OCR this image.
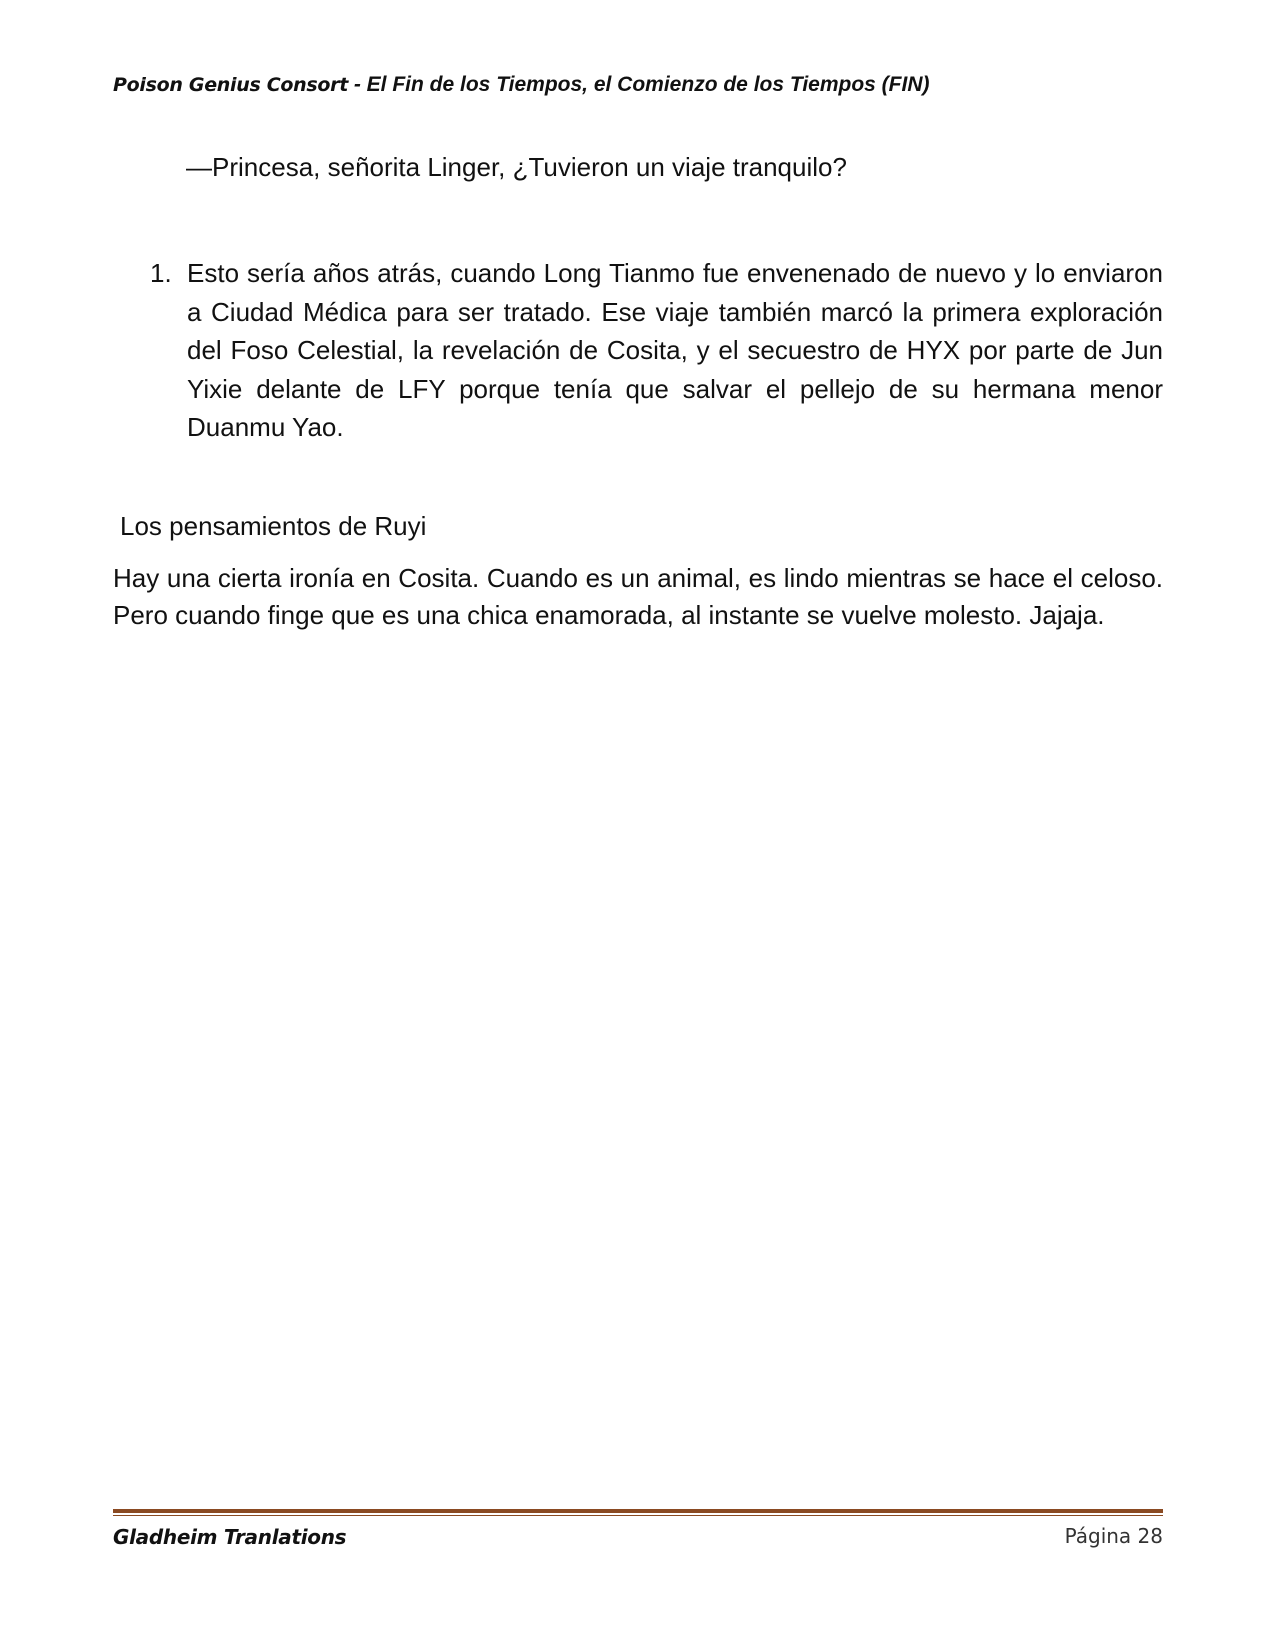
Poison Genius Consort - El Fin de los Tiempos, el Comienzo de los Tiempos (FIN)
—Princesa, señorita Linger, ¿Tuvieron un viaje tranquilo?
1. Esto sería años atrás, cuando Long Tianmo fue envenenado de nuevo y lo enviaron a Ciudad Médica para ser tratado. Ese viaje también marcó la primera exploración del Foso Celestial, la revelación de Cosita, y el secuestro de HYX por parte de Jun Yixie delante de LFY porque tenía que salvar el pellejo de su hermana menor Duanmu Yao.
Los pensamientos de Ruyi
Hay una cierta ironía en Cosita. Cuando es un animal, es lindo mientras se hace el celoso. Pero cuando finge que es una chica enamorada, al instante se vuelve molesto. Jajaja.
Gladheim Tranlations	Página 28
